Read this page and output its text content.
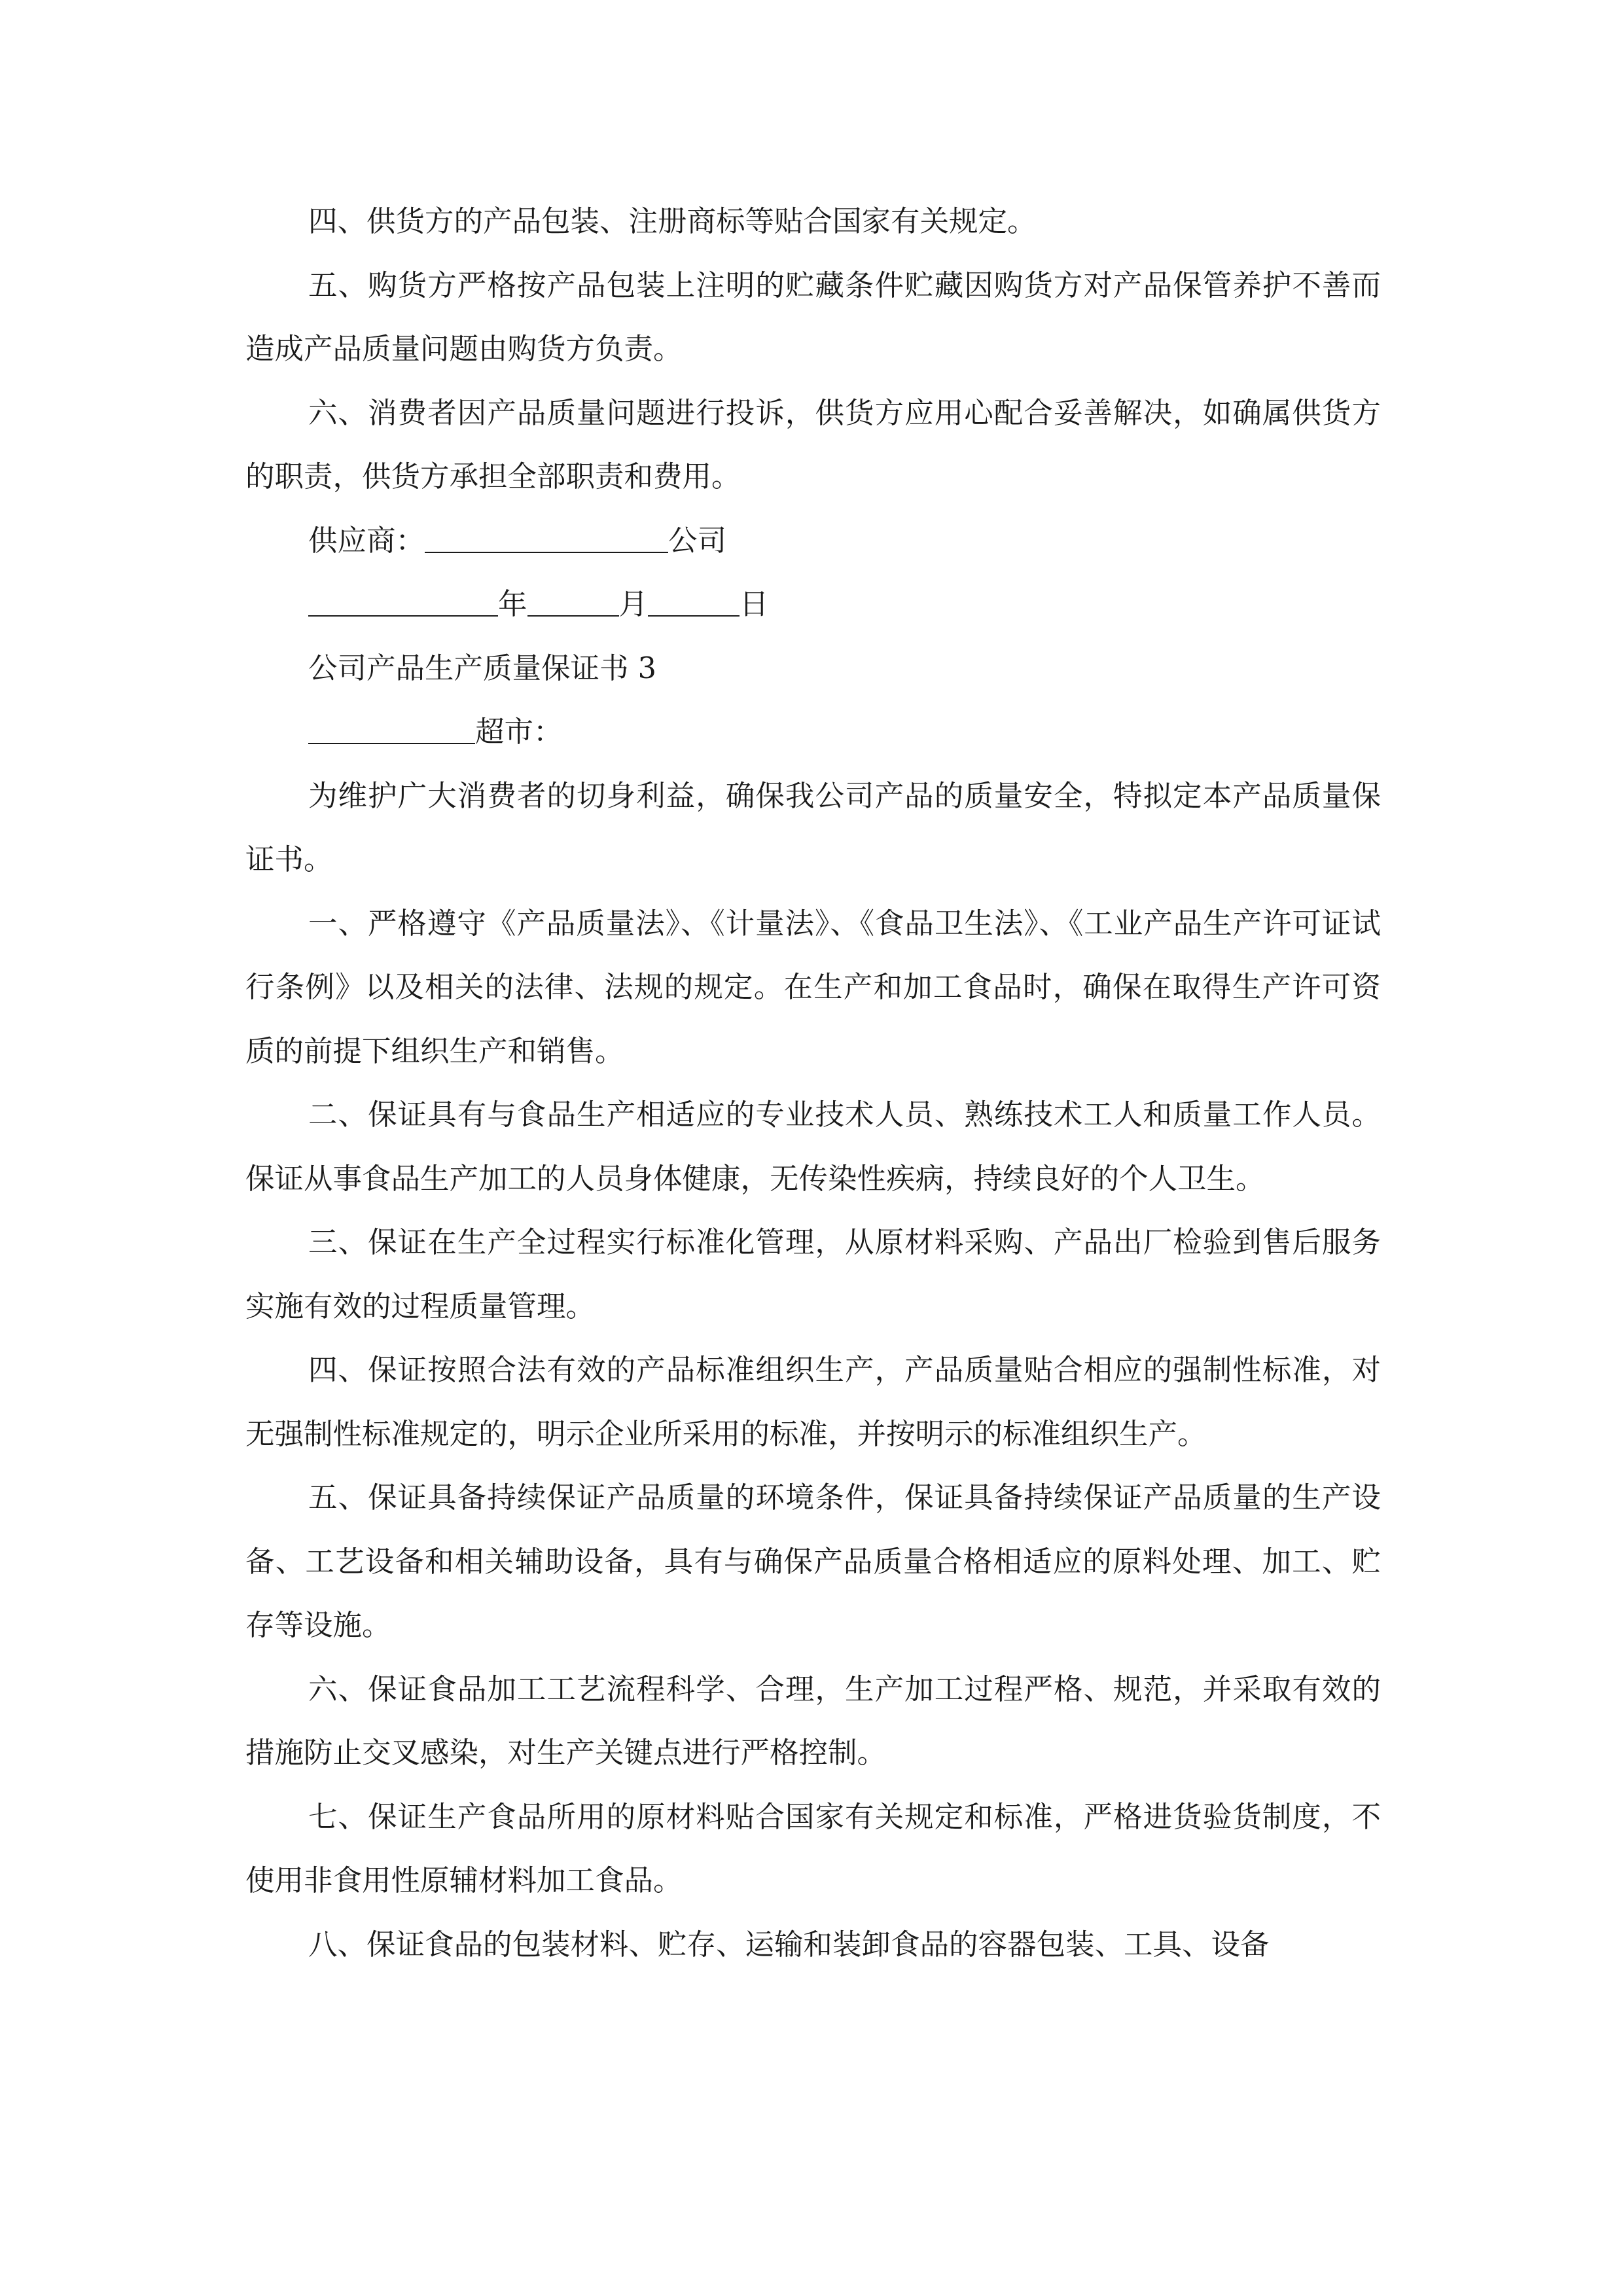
四、供货方的产品包装、注册商标等贴合国家有关规定。

五、购货方严格按产品包装上注明的贮藏条件贮藏因购货方对产品保管养护不善而造成产品质量问题由购货方负责。

六、消费者因产品质量问题进行投诉，供货方应用心配合妥善解决，如确属供货方的职责，供货方承担全部职责和费用。

供应商：	公司

年	月	日

公司产品生产质量保证书 3

超市：

为维护广大消费者的切身利益，确保我公司产品的质量安全，特拟定本产品质量保证书。

一、严格遵守《产品质量法》、《计量法》、《食品卫生法》、《工业产品生产许可证试行条例》以及相关的法律、法规的规定。在生产和加工食品时，确保在取得生产许可资质的前提下组织生产和销售。

二、保证具有与食品生产相适应的专业技术人员、熟练技术工人和质量工作人员。保证从事食品生产加工的人员身体健康，无传染性疾病，持续良好的个人卫生。

三、保证在生产全过程实行标准化管理，从原材料采购、产品出厂检验到售后服务实施有效的过程质量管理。

四、保证按照合法有效的产品标准组织生产，产品质量贴合相应的强制性标准，对无强制性标准规定的，明示企业所采用的标准，并按明示的标准组织生产。

五、保证具备持续保证产品质量的环境条件，保证具备持续保证产品质量的生产设备、工艺设备和相关辅助设备，具有与确保产品质量合格相适应的原料处理、加工、贮存等设施。

六、保证食品加工工艺流程科学、合理，生产加工过程严格、规范，并采取有效的措施防止交叉感染，对生产关键点进行严格控制。

七、保证生产食品所用的原材料贴合国家有关规定和标准，严格进货验货制度，不使用非食用性原辅材料加工食品。

八、保证食品的包装材料、贮存、运输和装卸食品的容器包装、工具、设备
